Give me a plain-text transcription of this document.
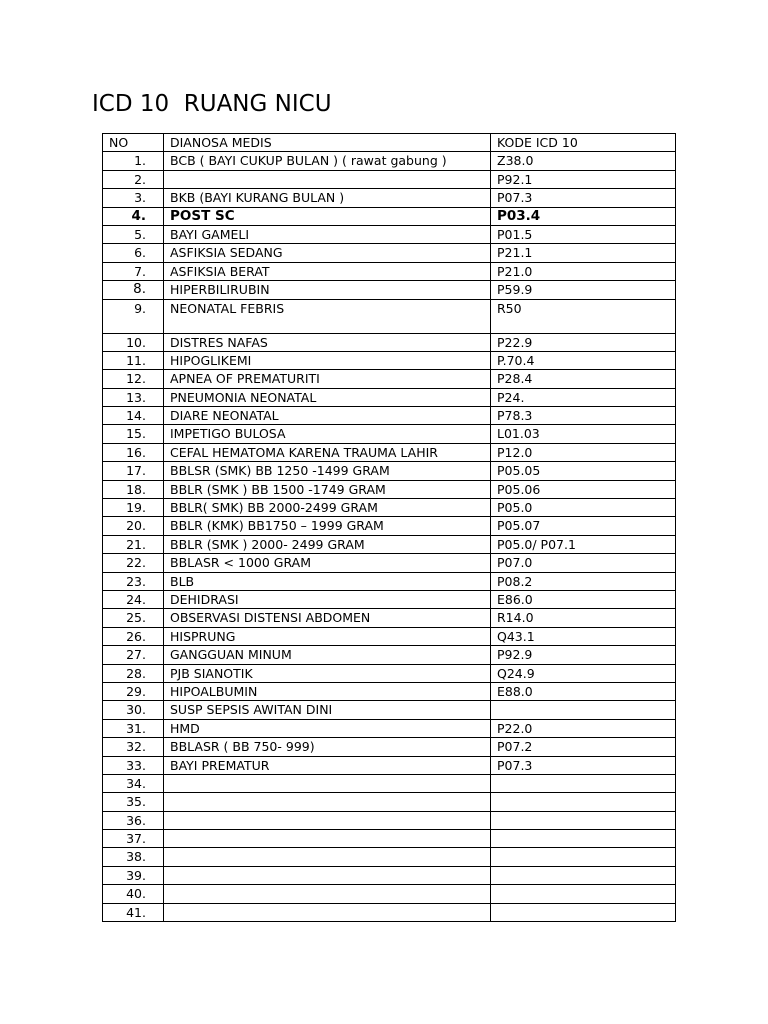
ICD 10  RUANG NICU
NO	DIANOSA MEDIS	KODE ICD 10
1.	BCB ( BAYI CUKUP BULAN ) ( rawat gabung )	Z38.0
2.		P92.1
3.	BKB (BAYI KURANG BULAN )	P07.3
4.	POST SC	P03.4
5.	BAYI GAMELI	P01.5
6.	ASFIKSIA SEDANG	P21.1
7.	ASFIKSIA BERAT	P21.0
8.	HIPERBILIRUBIN	P59.9
9.	NEONATAL FEBRIS	R50
10.	DISTRES NAFAS	P22.9
11.	HIPOGLIKEMI	P.70.4
12.	APNEA OF PREMATURITI	P28.4
13.	PNEUMONIA NEONATAL	P24.
14.	DIARE NEONATAL	P78.3
15.	IMPETIGO BULOSA	L01.03
16.	CEFAL HEMATOMA KARENA TRAUMA LAHIR	P12.0
17.	BBLSR (SMK) BB 1250 -1499 GRAM	P05.05
18.	BBLR (SMK ) BB 1500 -1749 GRAM	P05.06
19.	BBLR( SMK) BB 2000-2499 GRAM	P05.0
20.	BBLR (KMK) BB1750 – 1999 GRAM	P05.07
21.	BBLR (SMK ) 2000- 2499 GRAM	P05.0/ P07.1
22.	BBLASR < 1000 GRAM	P07.0
23.	BLB	P08.2
24.	DEHIDRASI	E86.0
25.	OBSERVASI DISTENSI ABDOMEN	R14.0
26.	HISPRUNG	Q43.1
27.	GANGGUAN MINUM	P92.9
28.	PJB SIANOTIK	Q24.9
29.	HIPOALBUMIN	E88.0
30.	SUSP SEPSIS AWITAN DINI	
31.	HMD	P22.0
32.	BBLASR ( BB 750- 999)	P07.2
33.	BAYI PREMATUR	P07.3
34.		
35.		
36.		
37.		
38.		
39.		
40.		
41.		
